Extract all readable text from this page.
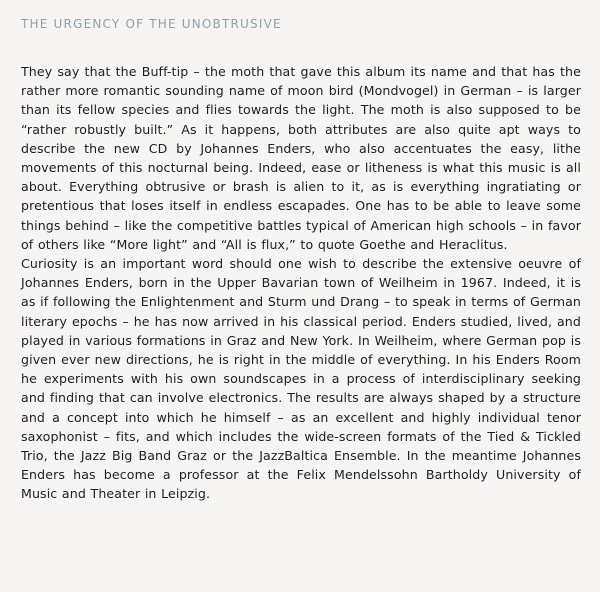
THE URGENCY OF THE UNOBTRUSIVE

They say that the Buff-tip – the moth that gave this album its name and that has the rather more romantic sounding name of moon bird (Mondvogel) in German – is larger than its fellow species and flies towards the light. The moth is also supposed to be “rather robustly built.” As it happens, both attributes are also quite apt ways to describe the new CD by Johannes Enders, who also accentuates the easy, lithe movements of this nocturnal being. Indeed, ease or litheness is what this music is all about. Everything obtrusive or brash is alien to it, as is everything ingratiating or pretentious that loses itself in endless escapades. One has to be able to leave some things behind – like the competitive battles typical of American high schools – in favor of others like “More light” and “All is flux,” to quote Goethe and Heraclitus.

Curiosity is an important word should one wish to describe the extensive oeuvre of Johannes Enders, born in the Upper Bavarian town of Weilheim in 1967. Indeed, it is as if following the Enlightenment and Sturm und Drang – to speak in terms of German literary epochs – he has now arrived in his classical period. Enders studied, lived, and played in various formations in Graz and New York. In Weilheim, where German pop is given ever new directions, he is right in the middle of everything. In his Enders Room he experiments with his own soundscapes in a process of interdisciplinary seeking and finding that can involve electronics. The results are always shaped by a structure and a concept into which he himself – as an excellent and highly individual tenor saxophonist – fits, and which includes the wide-screen formats of the Tied & Tickled Trio, the Jazz Big Band Graz or the JazzBaltica Ensemble. In the meantime Johannes Enders has become a professor at the Felix Mendelssohn Bartholdy University of Music and Theater in Leipzig.
